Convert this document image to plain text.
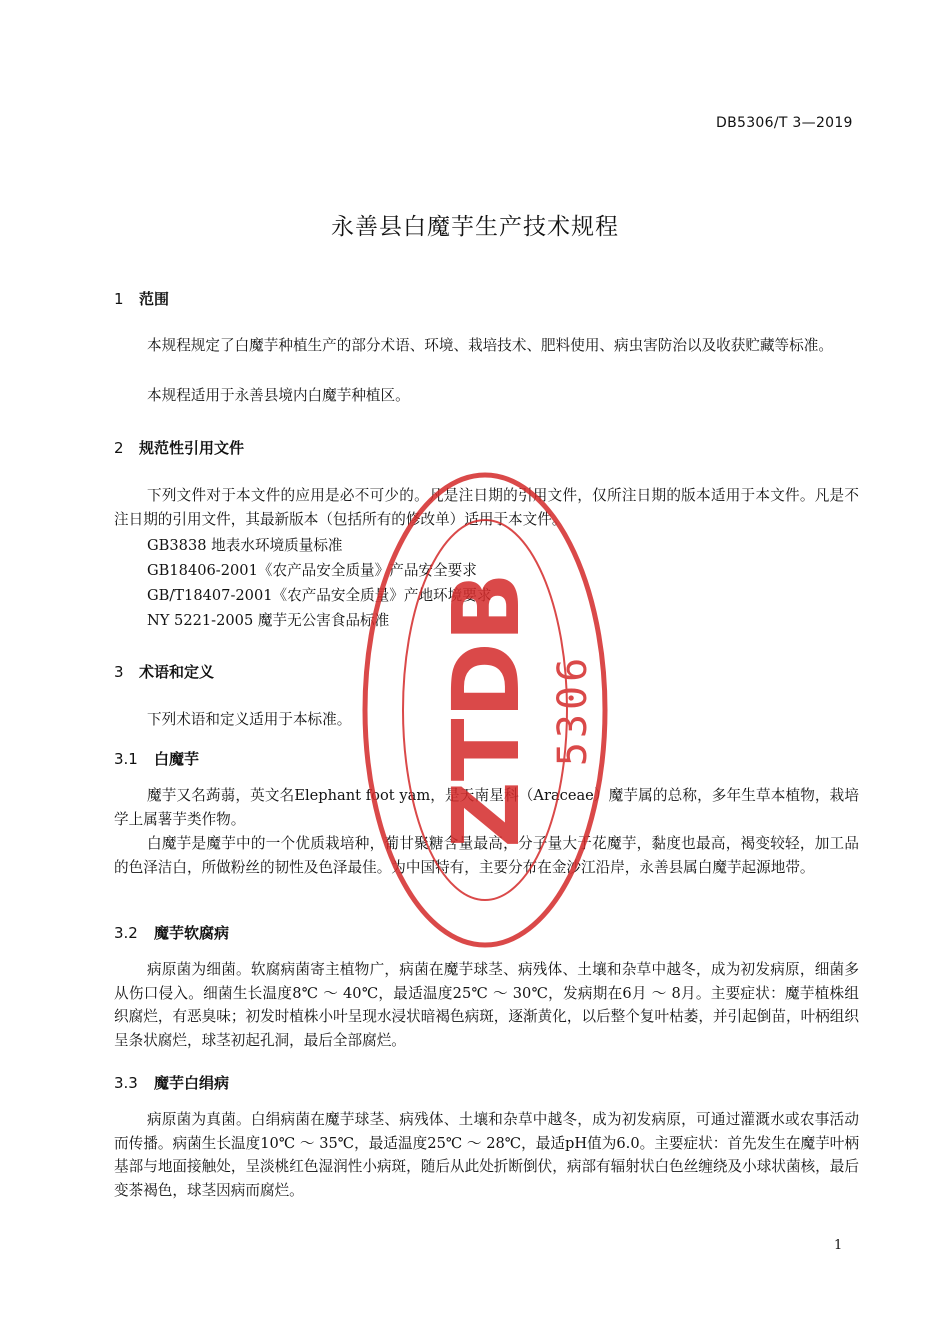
DB5306/T 3—2019
永善县白魔芋生产技术规程
1 范围

本规程规定了白魔芋种植生产的部分术语、环境、栽培技术、肥料使用、病虫害防治以及收获贮藏等标准。

本规程适用于永善县境内白魔芋种植区。

2 规范性引用文件

下列文件对于本文件的应用是必不可少的。凡是注日期的引用文件，仅所注日期的版本适用于本文件。凡是不注日期的引用文件，其最新版本（包括所有的修改单）适用于本文件。

GB3838 地表水环境质量标准
GB18406-2001《农产品安全质量》产品安全要求
GB/T18407-2001《农产品安全质量》产地环境要求
NY 5221-2005 魔芋无公害食品标准
3 术语和定义

下列术语和定义适用于本标准。

3.1 白魔芋

魔芋又名蒟蒻，英文名Elephant foot yam，是天南星科（Araceae）魔芋属的总称，多年生草本植物，栽培学上属薯芋类作物。

白魔芋是魔芋中的一个优质栽培种，葡甘聚糖含量最高，分子量大于花魔芋，黏度也最高，褐变较轻，加工品的色泽洁白，所做粉丝的韧性及色泽最佳。为中国特有，主要分布在金沙江沿岸，永善县属白魔芋起源地带。

3.2 魔芋软腐病

病原菌为细菌。软腐病菌寄主植物广，病菌在魔芋球茎、病残体、土壤和杂草中越冬，成为初发病原，细菌多从伤口侵入。细菌生长温度8℃ ～ 40℃，最适温度25℃ ～ 30℃，发病期在6月 ～ 8月。主要症状：魔芋植株组织腐烂，有恶臭味；初发时植株小叶呈现水浸状暗褐色病斑，逐渐黄化，以后整个复叶枯萎，并引起倒苗，叶柄组织呈条状腐烂，球茎初起孔洞，最后全部腐烂。

3.3 魔芋白绢病

病原菌为真菌。白绢病菌在魔芋球茎、病残体、土壤和杂草中越冬，成为初发病原，可通过灌溉水或农事活动而传播。病菌生长温度10℃ ～ 35℃，最适温度25℃ ～ 28℃，最适pH值为6.0。主要症状：首先发生在魔芋叶柄基部与地面接触处，呈淡桃红色湿润性小病斑，随后从此处折断倒伏，病部有辐射状白色丝缠绕及小球状菌核，最后变茶褐色，球茎因病而腐烂。

ZTDB 5306
1
